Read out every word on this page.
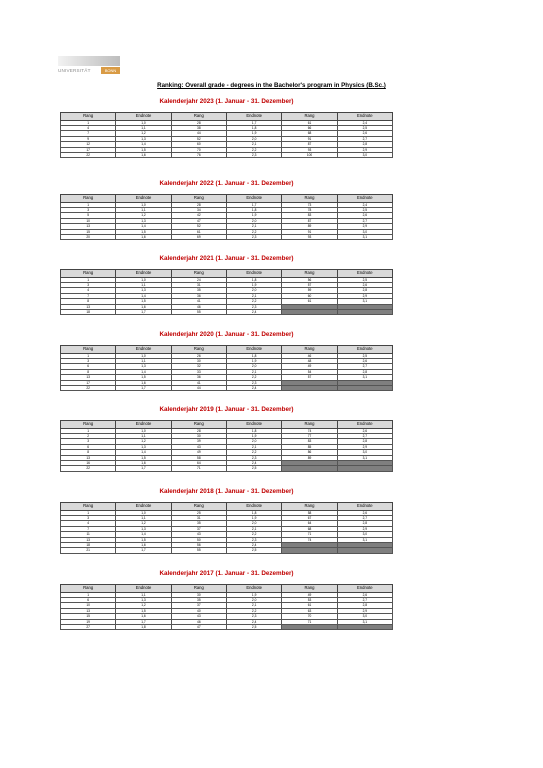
UNIVERSITÄT	BONN
Ranking: Overall grade - degrees in the Bachelor's program in Physics (B.Sc.)
Kalenderjahr 2023 (1. Januar - 31. Dezember)
Rang	Endnote	Rang	Endnote	Rang	Endnote
1	1,0	28	1,7	61	2,4
4	1,1	38	1,8	66	2,5
7	1,2	44	1,9	68	2,6
9	1,3	52	2,0	91	2,7
12	1,4	60	2,1	87	2,8
17	1,5	70	2,2	93	2,9
22	1,6	76	2,3	100	3,0
Kalenderjahr 2022 (1. Januar - 31. Dezember)
Rang	Endnote	Rang	Endnote	Rang	Endnote
1	1,0	28	1,7	73	2,4
3	1,1	34	1,8	78	2,5
5	1,2	42	1,9	83	2,6
10	1,3	47	2,0	87	2,7
13	1,4	52	2,1	89	2,9
15	1,5	61	2,2	91	3,0
20	1,6	69	2,3	93	3,1
Kalenderjahr 2021 (1. Januar - 31. Dezember)
Rang	Endnote	Rang	Endnote	Rang	Endnote
1	1,0	24	1,8	56	2,5
3	1,1	31	1,9	57	2,6
4	1,3	35	2,0	59	2,8
7	1,4	36	2,1	60	2,9
8	1,5	41	2,2	61	3,1
13	1,6	46	2,3		
18	1,7	55	2,4		
Kalenderjahr 2020 (1. Januar - 31. Dezember)
Rang	Endnote	Rang	Endnote	Rang	Endnote
1	1,0	26	1,8	46	2,5
3	1,1	30	1,9	48	2,6
6	1,3	32	2,0	49	2,7
8	1,4	33	2,1	54	2,8
13	1,5	36	2,2	57	3,1
17	1,6	41	2,3		
22	1,7	44	2,4		
Kalenderjahr 2019 (1. Januar - 31. Dezember)
Rang	Endnote	Rang	Endnote	Rang	Endnote
1	1,0	28	1,8	74	2,6
2	1,1	30	1,9	77	2,7
3	1,2	39	2,0	83	2,8
6	1,3	43	2,1	85	2,9
8	1,4	49	2,2	86	3,0
13	1,5	58	2,3	89	3,1
16	1,6	64	2,4		
22	1,7	71	2,5		
Kalenderjahr 2018 (1. Januar - 31. Dezember)
Rang	Endnote	Rang	Endnote	Rang	Endnote
1	1,0	25	1,8	58	2,6
3	1,1	31	1,9	67	2,7
4	1,2	35	2,0	64	2,8
7	1,3	37	2,1	68	2,9
11	1,4	43	2,2	71	3,0
13	1,5	50	2,3	74	3,1
18	1,6	56	2,4		
21	1,7	55	2,5		
Kalenderjahr 2017 (1. Januar - 31. Dezember)
Rang	Endnote	Rang	Endnote	Rang	Endnote
1	1,1	30	1,9	49	2,6
6	1,3	35	2,0	53	2,7
10	1,2	37	2,1	61	2,8
13	1,5	40	2,2	63	2,9
15	1,6	43	2,3	70	3,0
19	1,7	46	2,4	71	3,1
27	1,8	47	2,5		
